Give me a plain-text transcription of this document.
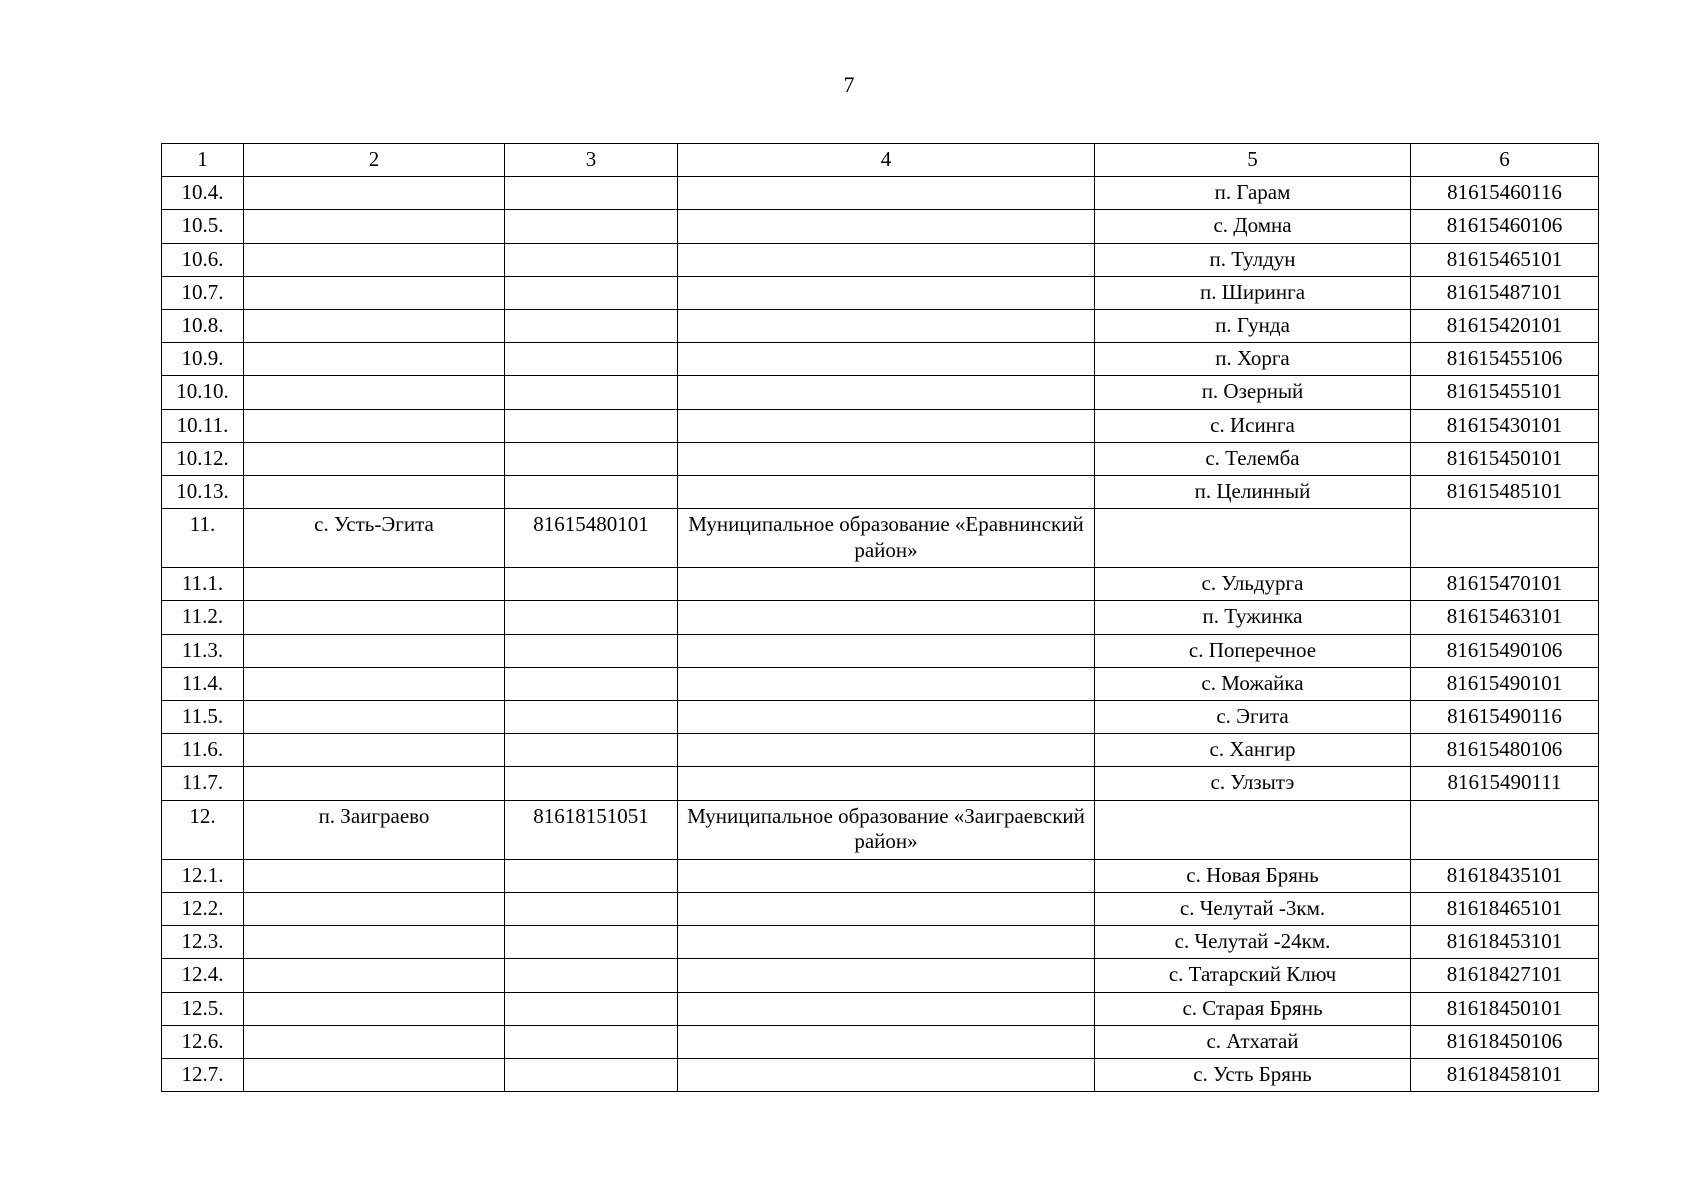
7
1	2	3	4	5	6
10.4.				п. Гарам	81615460116
10.5.				с. Домна	81615460106
10.6.				п. Тулдун	81615465101
10.7.				п. Ширинга	81615487101
10.8.				п. Гунда	81615420101
10.9.				п. Хорга	81615455106
10.10.				п. Озерный	81615455101
10.11.				с. Исинга	81615430101
10.12.				с. Телемба	81615450101
10.13.				п. Целинный	81615485101
11.	с. Усть-Эгита	81615480101	Муниципальное образование «Еравнинский район»		
11.1.				с. Ульдурга	81615470101
11.2.				п. Тужинка	81615463101
11.3.				с. Поперечное	81615490106
11.4.				с. Можайка	81615490101
11.5.				с. Эгита	81615490116
11.6.				с. Хангир	81615480106
11.7.				с. Улзытэ	81615490111
12.	п. Заиграево	81618151051	Муниципальное образование «Заиграевский район»		
12.1.				с. Новая Брянь	81618435101
12.2.				с. Челутай -3км.	81618465101
12.3.				с. Челутай -24км.	81618453101
12.4.				с. Татарский Ключ	81618427101
12.5.				с. Старая Брянь	81618450101
12.6.				с. Атхатай	81618450106
12.7.				с. Усть Брянь	81618458101
